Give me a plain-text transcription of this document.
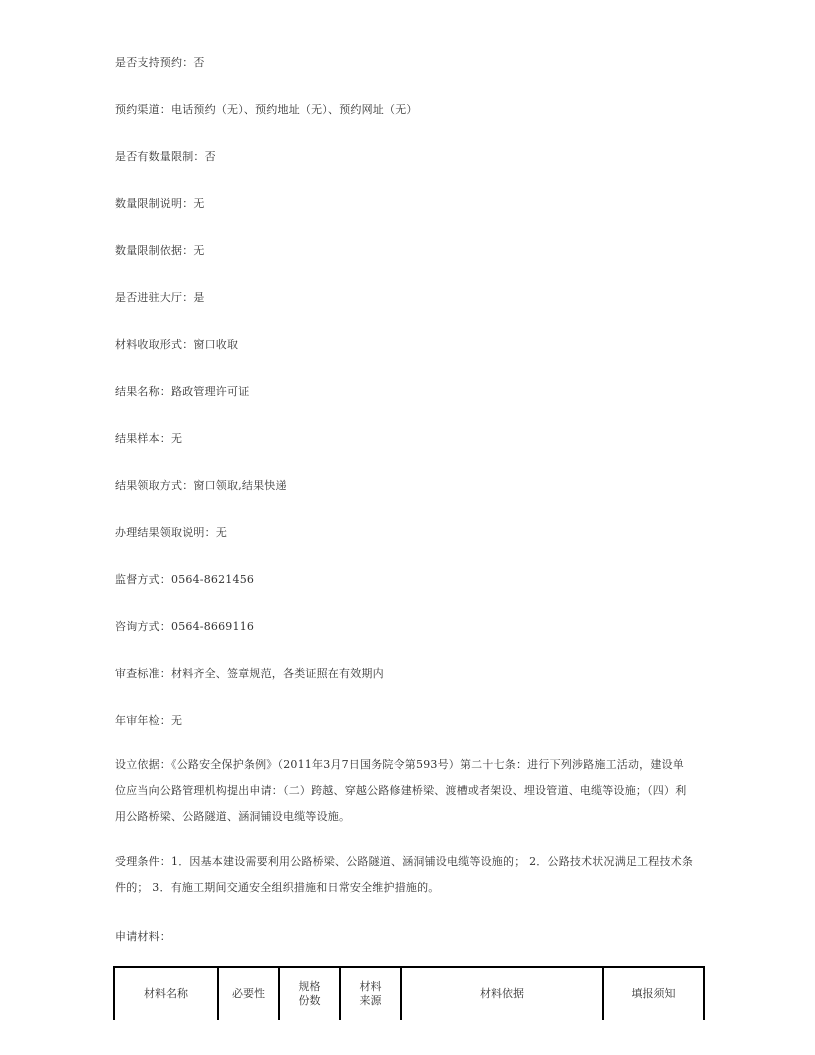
是否支持预约：否

预约渠道：电话预约（无）、预约地址（无）、预约网址（无）

是否有数量限制：否

数量限制说明：无

数量限制依据：无

是否进驻大厅：是

材料收取形式：窗口收取

结果名称：路政管理许可证

结果样本：无

结果领取方式：窗口领取,结果快递

办理结果领取说明：无

监督方式：0564-8621456

咨询方式：0564-8669116

审查标准：材料齐全、签章规范，各类证照在有效期内

年审年检：无

设立依据：《公路安全保护条例》（2011年3月7日国务院令第593号）第二十七条：进行下列涉路施工活动，建设单位应当向公路管理机构提出申请：（二）跨越、穿越公路修建桥梁、渡槽或者架设、埋设管道、电缆等设施；（四）利用公路桥梁、公路隧道、涵洞铺设电缆等设施。

受理条件：1．因基本建设需要利用公路桥梁、公路隧道、涵洞铺设电缆等设施的； 2．公路技术状况满足工程技术条件的； 3．有施工期间交通安全组织措施和日常安全维护措施的。

申请材料：

材料名称	必要性	规格份数	材料来源	材料依据	填报须知
